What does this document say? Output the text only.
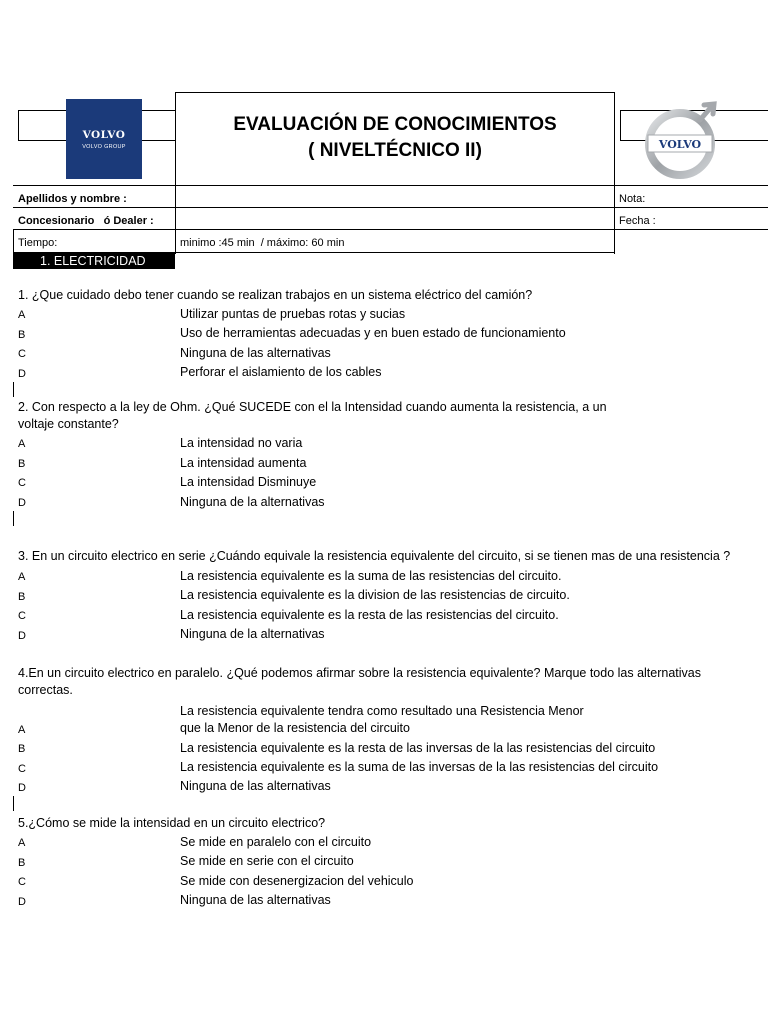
VOLVO
VOLVO GROUP
EVALUACIÓN DE CONOCIMIENTOS
( NIVELTÉCNICO II)	VOLVO
Apellidos y nombre :	Nota:
Concesionario   ó Dealer :	Fecha :
Tiempo:	minimo :45 min  / máximo: 60 min
1. ELECTRICIDAD
1. ¿Que cuidado debo tener cuando se realizan trabajos en un sistema eléctrico del camión?
A	Utilizar puntas de pruebas rotas y sucias
B	Uso de herramientas adecuadas y en buen estado de funcionamiento
C	Ninguna de las alternativas
D	Perforar el aislamiento de los cables
2. Con respecto a la ley de Ohm. ¿Qué SUCEDE con el la Intensidad cuando aumenta la resistencia, a un
voltaje constante?
A	La intensidad no varia
B	La intensidad aumenta
C	La intensidad Disminuye
D	Ninguna de la alternativas
3. En un circuito electrico en serie ¿Cuándo equivale la resistencia equivalente del circuito, si se tienen mas de una resistencia ?
A	La resistencia equivalente es la suma de las resistencias del circuito.
B	La resistencia equivalente es la division de las resistencias de circuito.
C	La resistencia equivalente es la resta de las resistencias del circuito.
D	Ninguna de la alternativas
4.En un circuito electrico en paralelo. ¿Qué podemos afirmar sobre la resistencia equivalente? Marque todo las alternativas
correctas.
La resistencia equivalente tendra como resultado una Resistencia Menor
A	que la Menor de la resistencia del circuito
B	La resistencia equivalente es la resta de las inversas de la las resistencias del circuito
C	La resistencia equivalente es la suma de las inversas de la las resistencias del circuito
D	Ninguna de las alternativas
5.¿Cómo se mide la intensidad en un circuito electrico?
A	Se mide en paralelo con el circuito
B	Se mide en serie con el circuito
C	Se mide con desenergizacion del vehiculo
D	Ninguna de las alternativas
